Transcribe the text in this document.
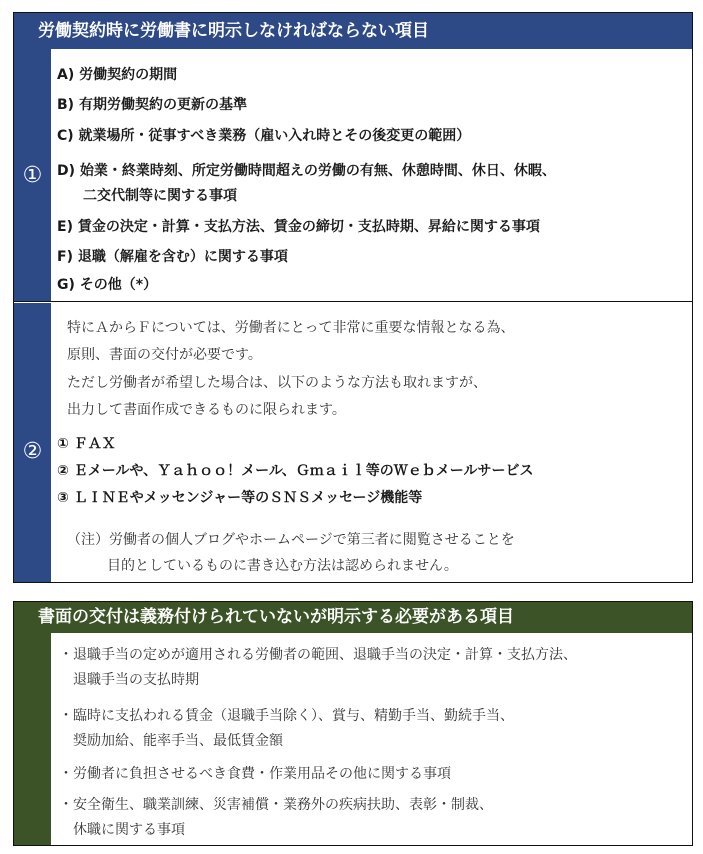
労働契約時に労働書に明示しなければならない項目
①
②
A) 労働契約の期間
B) 有期労働契約の更新の基準
C) 就業場所・従事すべき業務（雇い入れ時とその後変更の範囲）
D) 始業・終業時刻、所定労働時間超えの労働の有無、休憩時間、休日、休暇、
二交代制等に関する事項
E) 賃金の決定・計算・支払方法、賃金の締切・支払時期、昇給に関する事項
F) 退職（解雇を含む）に関する事項
G) その他（*）
特にＡからＦについては、労働者にとって非常に重要な情報となる為、
原則、書面の交付が必要です。
ただし労働者が希望した場合は、以下のような方法も取れますが、
出力して書面作成できるものに限られます。
① ＦＡＸ
② Ｅメールや、Ｙａｈｏｏ！メール、Ｇｍａｉｌ等のＷｅｂメールサービス
③ ＬＩＮＥやメッセンジャー等のＳＮＳメッセージ機能等
（注）労働者の個人ブログやホームページで第三者に閲覧させることを
目的としているものに書き込む方法は認められません。
書面の交付は義務付けられていないが明示する必要がある項目
・退職手当の定めが適用される労働者の範囲、退職手当の決定・計算・支払方法、
退職手当の支払時期
・臨時に支払われる賃金（退職手当除く）、賞与、精勤手当、勤続手当、
奨励加給、能率手当、最低賃金額
・労働者に負担させるべき食費・作業用品その他に関する事項
・安全衛生、職業訓練、災害補償・業務外の疾病扶助、表彰・制裁、
休職に関する事項
